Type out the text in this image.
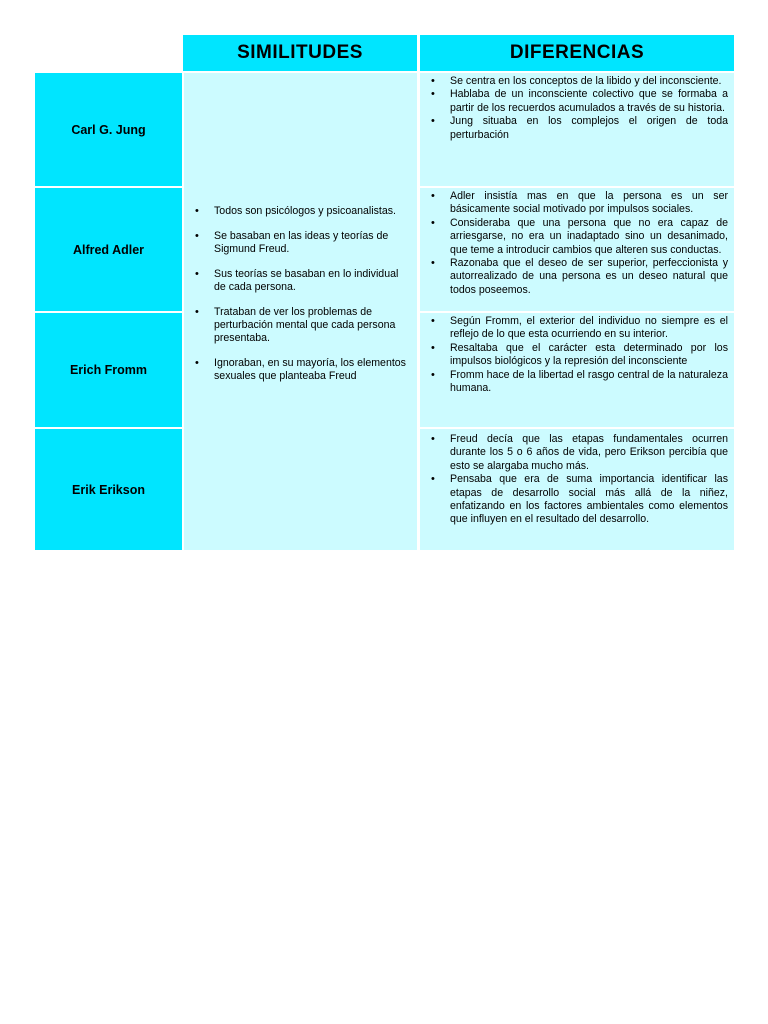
SIMILITUDES	DIFERENCIAS
Carl G. Jung
Alfred Adler
Erich Fromm
Erik Erikson
• Todos son psicólogos y psicoanalistas.
• Se basaban en las ideas y teorías de Sigmund Freud.
• Sus teorías se basaban en lo individual de cada persona.
• Trataban de ver los problemas de perturbación mental que cada persona presentaba.
• Ignoraban, en su mayoría, los elementos sexuales que planteaba Freud
• Se centra en los conceptos de la libido y del inconsciente.
• Hablaba de un inconsciente colectivo que se formaba a partir de los recuerdos acumulados a través de su historia.
• Jung situaba en los complejos el origen de toda perturbación
• Adler insistía mas en que la persona es un ser básicamente social motivado por impulsos sociales.
• Consideraba que una persona que no era capaz de arriesgarse, no era un inadaptado sino un desanimado, que teme a introducir cambios que alteren sus conductas.
• Razonaba que el deseo de ser superior, perfeccionista y autorrealizado de una persona es un deseo natural que todos poseemos.
• Según Fromm, el exterior del individuo no siempre es el reflejo de lo que esta ocurriendo en su interior.
• Resaltaba que el carácter esta determinado por los impulsos biológicos y la represión del inconsciente
• Fromm hace de la libertad el rasgo central de la naturaleza humana.
• Freud decía que las etapas fundamentales ocurren durante los 5 o 6 años de vida, pero Erikson percibía que esto se alargaba mucho más.
• Pensaba que era de suma importancia identificar las etapas de desarrollo social más allá de la niñez, enfatizando en los factores ambientales como elementos que influyen en el resultado del desarrollo.
